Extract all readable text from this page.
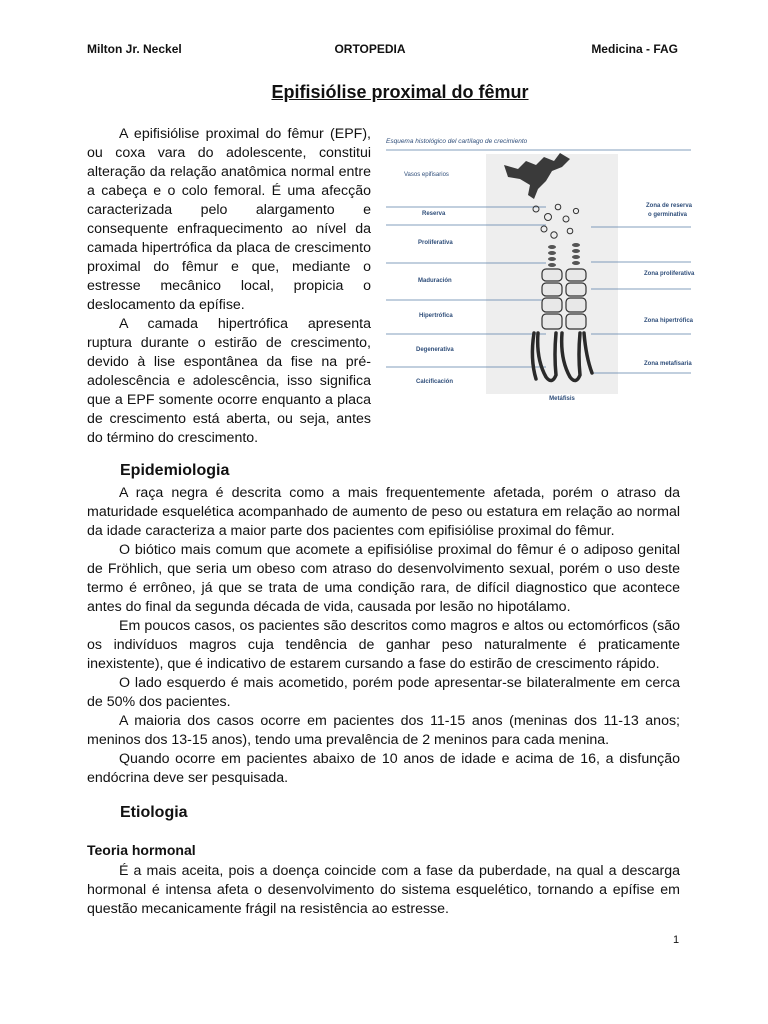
Milton Jr. Neckel	ORTOPEDIA	Medicina - FAG
Epifisiólise proximal do fêmur

A epifisiólise proximal do fêmur (EPF), ou coxa vara do adolescente, constitui alteração da relação anatômica normal entre a cabeça e o colo femoral. É uma afecção caracterizada pelo alargamento e consequente enfraquecimento ao nível da camada hipertrófica da placa de crescimento proximal do fêmur e que, mediante o estresse mecânico local, propicia o deslocamento da epífise.

A camada hipertrófica apresenta ruptura durante o estirão de crescimento, devido à lise espontânea da fise na pré-adolescência e adolescência, isso significa que a EPF somente ocorre enquanto a placa de crescimento está aberta, ou seja, antes do término do crescimento.

Esquema histológico del cartílago de crecimiento
Vasos epifisarios
Reserva
Proliferativa
Maduración
Hipertrófica
Degenerativa
Calcificación
Zona de reserva
o germinativa
Zona proliferativa
Zona hipertrófica
Zona metafisaria
Metáfisis
Epidemiologia

A raça negra é descrita como a mais frequentemente afetada, porém o atraso da maturidade esquelética acompanhado de aumento de peso ou estatura em relação ao normal da idade caracteriza a maior parte dos pacientes com epifisiólise proximal do fêmur.

O biótico mais comum que acomete a epifisiólise proximal do fêmur é o adiposo genital de Fröhlich, que seria um obeso com atraso do desenvolvimento sexual, porém o uso deste termo é errôneo, já que se trata de uma condição rara, de difícil diagnostico que acontece antes do final da segunda década de vida, causada por lesão no hipotálamo.

Em poucos casos, os pacientes são descritos como magros e altos ou ectomórficos (são os indivíduos magros cuja tendência de ganhar peso naturalmente é praticamente inexistente), que é indicativo de estarem cursando a fase do estirão de crescimento rápido.

O lado esquerdo é mais acometido, porém pode apresentar-se bilateralmente em cerca de 50% dos pacientes.

A maioria dos casos ocorre em pacientes dos 11-15 anos (meninas dos 11-13 anos; meninos dos 13-15 anos), tendo uma prevalência de 2 meninos para cada menina.

Quando ocorre em pacientes abaixo de 10 anos de idade e acima de 16, a disfunção endócrina deve ser pesquisada.

Etiologia
Teoria hormonal

É a mais aceita, pois a doença coincide com a fase da puberdade, na qual a descarga hormonal é intensa afeta o desenvolvimento do sistema esquelético, tornando a epífise em questão mecanicamente frágil na resistência ao estresse.

1
